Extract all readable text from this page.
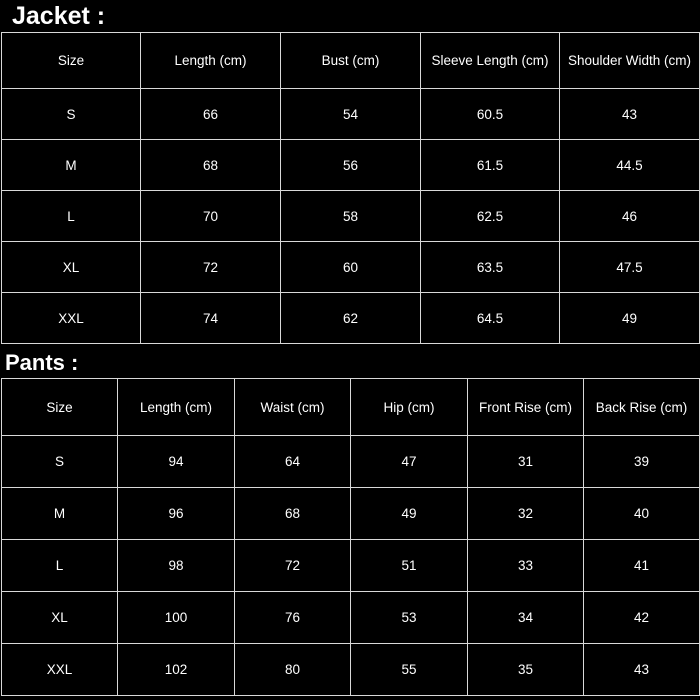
Jacket :
Size	Length (cm)	Bust (cm)	Sleeve Length (cm)	Shoulder Width (cm)
S	66	54	60.5	43
M	68	56	61.5	44.5
L	70	58	62.5	46
XL	72	60	63.5	47.5
XXL	74	62	64.5	49
Pants :
Size	Length (cm)	Waist (cm)	Hip (cm)	Front Rise (cm)	Back Rise (cm)
S	94	64	47	31	39
M	96	68	49	32	40
L	98	72	51	33	41
XL	100	76	53	34	42
XXL	102	80	55	35	43
